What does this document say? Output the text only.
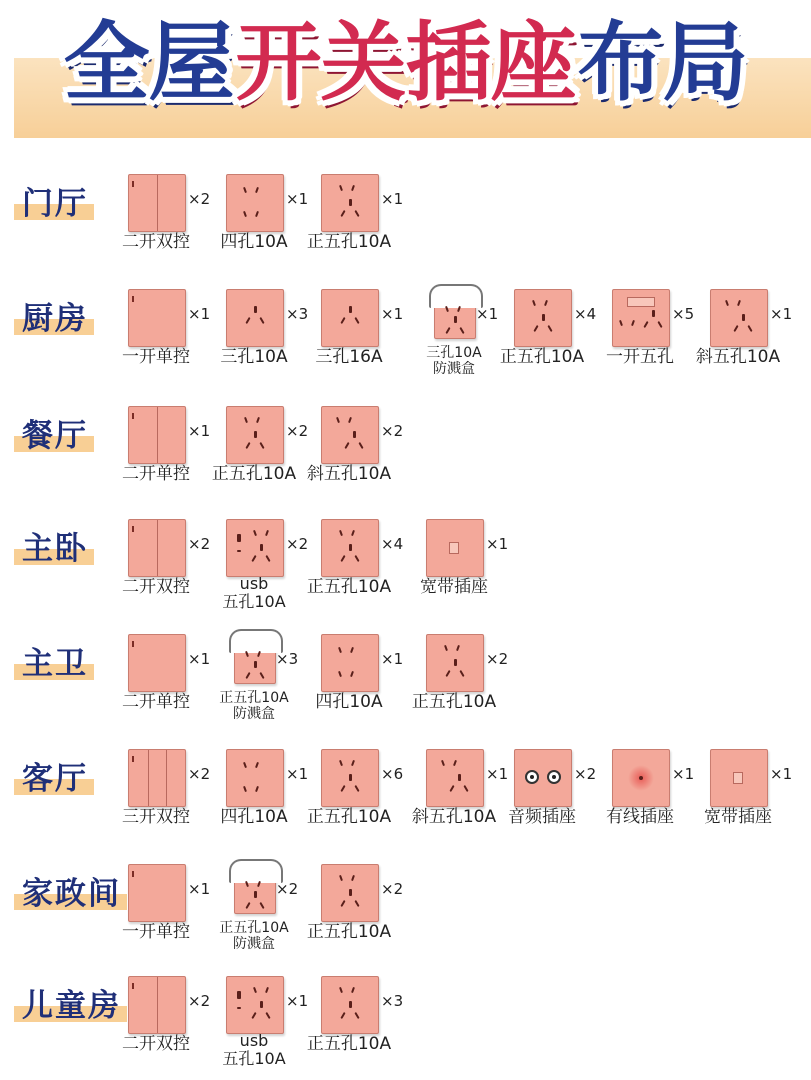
全屋 开关插座 布局
门厅	×2
二开双控
×1
四孔10A
×1
正五孔10A
厨房	×1
一开单控
×3
三孔10A
×1
三孔16A
×1
三孔10A
防溅盒
×4
正五孔10A
×5
一开五孔
×1
斜五孔10A
餐厅	×1
二开单控
×2
正五孔10A
×2
斜五孔10A
主卧	×2
二开双控
×2
usb
五孔10A
×4
正五孔10A
×1
宽带插座
主卫	×1
二开单控
×3
正五孔10A
防溅盒
×1
四孔10A
×2
正五孔10A
客厅	×2
三开双控
×1
四孔10A
×6
正五孔10A
×1
斜五孔10A
×2
音频插座
×1
有线插座
×1
宽带插座
家政间	×1
一开单控
×2
正五孔10A
防溅盒
×2
正五孔10A
儿童房	×2
二开双控
×1
usb
五孔10A
×3
正五孔10A
